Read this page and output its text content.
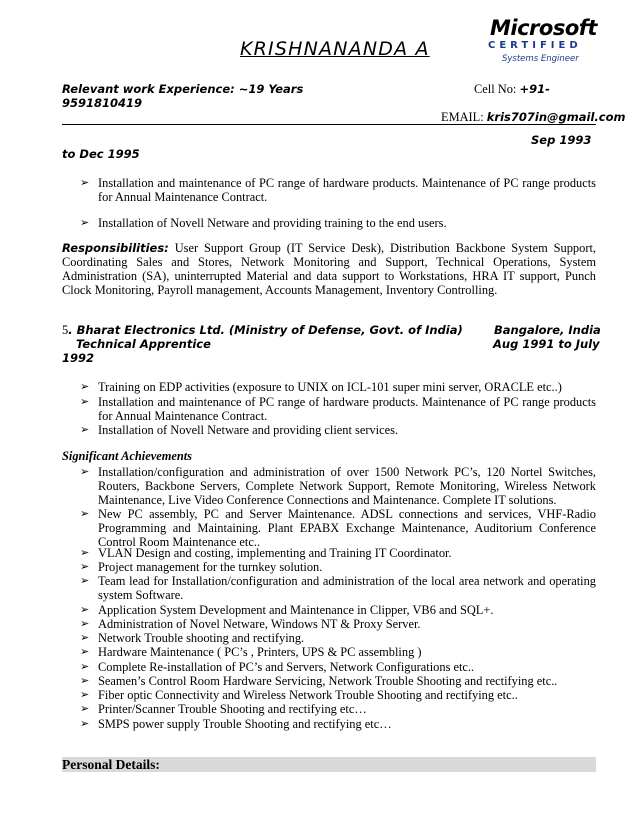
KRISHNANANDA A
Microsoft
CERTIFIED
Systems Engineer
Relevant work Experience: ~19 Years	Cell No: +91-
9591810419
EMAIL: kris707in@gmail.com
Sep 1993
to Dec 1995
➢ Installation and maintenance of PC range of hardware products. Maintenance of PC range products for Annual Maintenance Contract.
➢ Installation of Novell Netware and providing training to the end users.
Responsibilities: User Support Group (IT Service Desk), Distribution Backbone System Support, Coordinating Sales and Stores, Network Monitoring and Support, Technical Operations, System Administration (SA), uninterrupted Material and data support to Workstations, HRA IT support, Punch Clock Monitoring, Payroll management, Accounts Management, Inventory Controlling.
5. Bharat Electronics Ltd. (Ministry of Defense, Govt. of India)	Bangalore, India
Technical Apprentice	Aug 1991 to July
1992
➢ Training on EDP activities (exposure to UNIX on ICL-101 super mini server, ORACLE etc..)
➢ Installation and maintenance of PC range of hardware products. Maintenance of PC range products for Annual Maintenance Contract.
➢ Installation of Novell Netware and providing client services.
Significant Achievements
➢ Installation/configuration and administration of over 1500 Network PC’s, 120 Nortel Switches, Routers, Backbone Servers, Complete Network Support, Remote Monitoring, Wireless Network Maintenance, Live Video Conference Connections and Maintenance. Complete IT solutions.
➢ New PC assembly, PC and Server Maintenance. ADSL connections and services, VHF-Radio Programming and Maintaining. Plant EPABX Exchange Maintenance, Auditorium Conference Control Room Maintenance etc..
➢ VLAN Design and costing, implementing and Training IT Coordinator.
➢ Project management for the turnkey solution.
➢ Team lead for Installation/configuration and administration of the local area network and operating system Software.
➢ Application System Development and Maintenance in Clipper, VB6 and SQL+.
➢ Administration of Novel Netware, Windows NT & Proxy Server.
➢ Network Trouble shooting and rectifying.
➢ Hardware Maintenance ( PC’s , Printers, UPS & PC assembling )
➢ Complete Re-installation of PC’s and Servers, Network Configurations etc..
➢ Seamen’s Control Room Hardware Servicing, Network Trouble Shooting and rectifying etc..
➢ Fiber optic Connectivity and Wireless Network Trouble Shooting and rectifying etc..
➢ Printer/Scanner Trouble Shooting and rectifying etc…
➢ SMPS power supply Trouble Shooting and rectifying etc…
Personal Details:
